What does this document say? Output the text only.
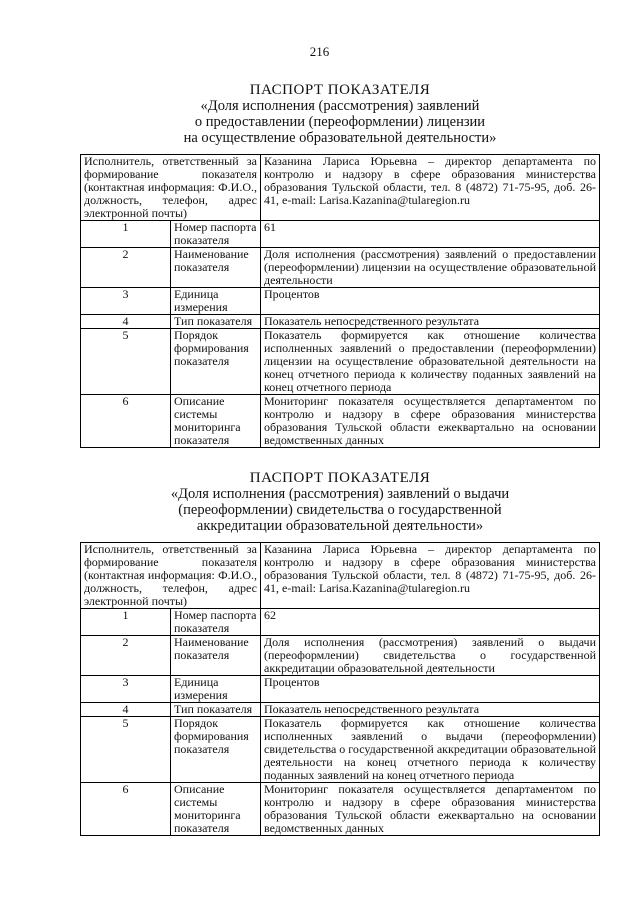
216
ПАСПОРТ ПОКАЗАТЕЛЯ
«Доля исполнения (рассмотрения) заявлений
о предоставлении (переоформлении) лицензии
на осуществление образовательной деятельности»
Исполнитель, ответственный за формирование показателя (контактная информация: Ф.И.О., должность, телефон, адрес электронной почты)		Казанина Лариса Юрьевна – директор департамента по контролю и надзору в сфере образования министерства образования Тульской области, тел. 8 (4872) 71-75-95, доб. 26-41, e-mail: Larisa.Kazanina@tularegion.ru
1	Номер паспорта показателя	61
2	Наименование показателя	Доля исполнения (рассмотрения) заявлений о предоставлении (переоформлении) лицензии на осуществление образовательной деятельности
3	Единица измерения	Процентов
4	Тип показателя	Показатель непосредственного результата
5	Порядок формирования показателя	Показатель формируется как отношение количества исполненных заявлений о предоставлении (переоформлении) лицензии на осуществление образовательной деятельности на конец отчетного периода к количеству поданных заявлений на конец отчетного периода
6	Описание системы мониторинга показателя	Мониторинг показателя осуществляется департаментом по контролю и надзору в сфере образования министерства образования Тульской области ежеквартально на основании ведомственных данных
ПАСПОРТ ПОКАЗАТЕЛЯ
«Доля исполнения (рассмотрения) заявлений о выдачи
(переоформлении) свидетельства о государственной
аккредитации образовательной деятельности»
Исполнитель, ответственный за формирование показателя (контактная информация: Ф.И.О., должность, телефон, адрес электронной почты)		Казанина Лариса Юрьевна – директор департамента по контролю и надзору в сфере образования министерства образования Тульской области, тел. 8 (4872) 71-75-95, доб. 26-41, e-mail: Larisa.Kazanina@tularegion.ru
1	Номер паспорта показателя	62
2	Наименование показателя	Доля исполнения (рассмотрения) заявлений о выдачи (переоформлении) свидетельства о государственной аккредитации образовательной деятельности
3	Единица измерения	Процентов
4	Тип показателя	Показатель непосредственного результата
5	Порядок формирования показателя	Показатель формируется как отношение количества исполненных заявлений о выдачи (переоформлении) свидетельства о государственной аккредитации образовательной деятельности на конец отчетного периода к количеству поданных заявлений на конец отчетного периода
6	Описание системы мониторинга показателя	Мониторинг показателя осуществляется департаментом по контролю и надзору в сфере образования министерства образования Тульской области ежеквартально на основании ведомственных данных
